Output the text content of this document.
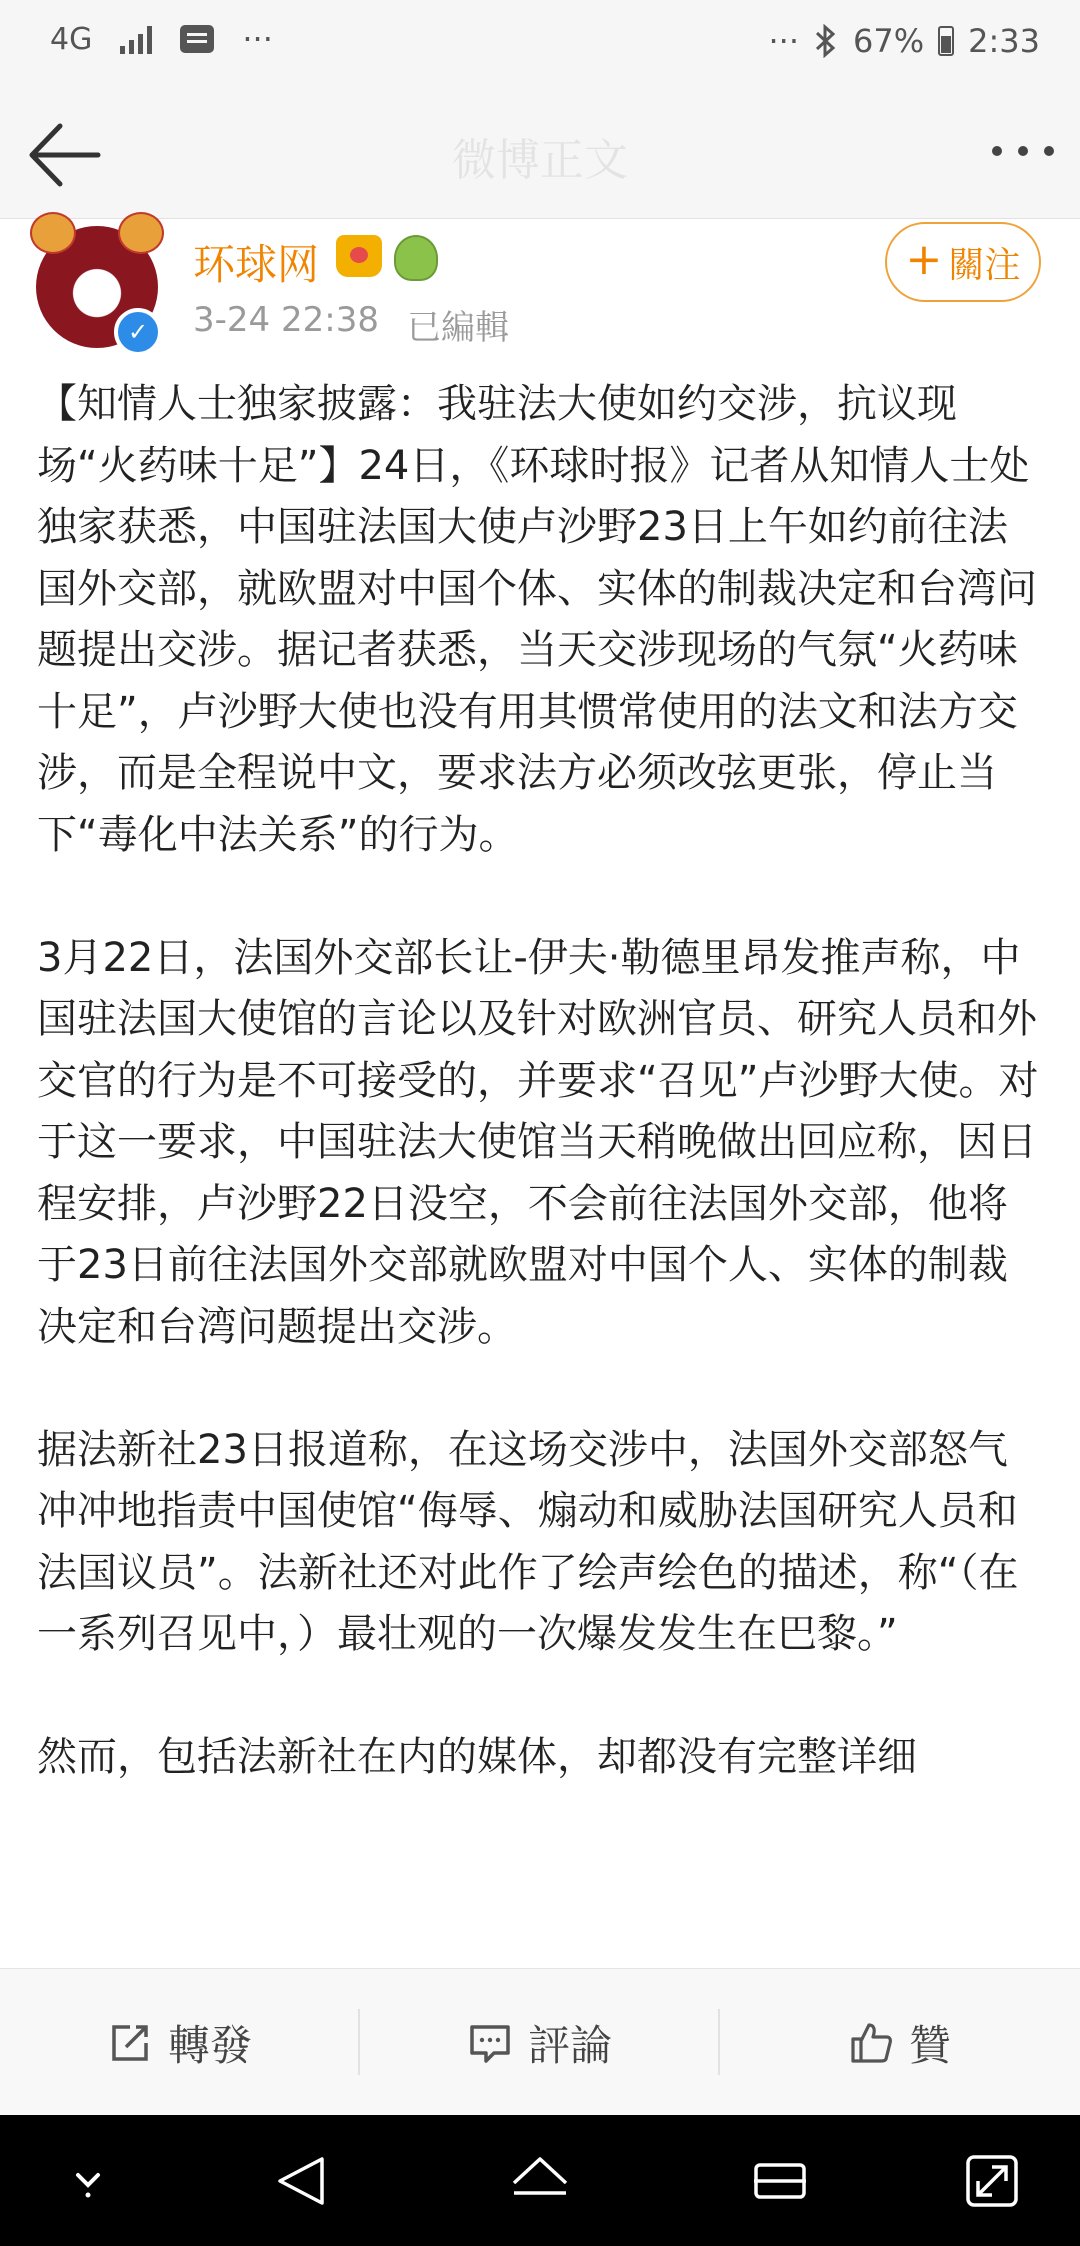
4G	···	··· 67% 2:33
微博正文
✓
环球网
3-24 22:38 已編輯
+ 關注

【知情人士独家披露：我驻法大使如约交涉，抗议现场“火药味十足”】24日，《环球时报》记者从知情人士处独家获悉，中国驻法国大使卢沙野23日上午如约前往法国外交部，就欧盟对中国个体、实体的制裁决定和台湾问题提出交涉。据记者获悉，当天交涉现场的气氛“火药味十足”，卢沙野大使也没有用其惯常使用的法文和法方交涉，而是全程说中文，要求法方必须改弦更张，停止当下“毒化中法关系”的行为。

3月22日，法国外交部长让-伊夫·勒德里昂发推声称，中国驻法国大使馆的言论以及针对欧洲官员、研究人员和外交官的行为是不可接受的，并要求“召见”卢沙野大使。对于这一要求，中国驻法大使馆当天稍晚做出回应称，因日程安排，卢沙野22日没空，不会前往法国外交部，他将于23日前往法国外交部就欧盟对中国个人、实体的制裁决定和台湾问题提出交涉。

据法新社23日报道称，在这场交涉中，法国外交部怒气冲冲地指责中国使馆“侮辱、煽动和威胁法国研究人员和法国议员”。法新社还对此作了绘声绘色的描述，称“（在一系列召见中，）最壮观的一次爆发发生在巴黎。”

然而，包括法新社在内的媒体，却都没有完整详细

轉發	評論	贊
